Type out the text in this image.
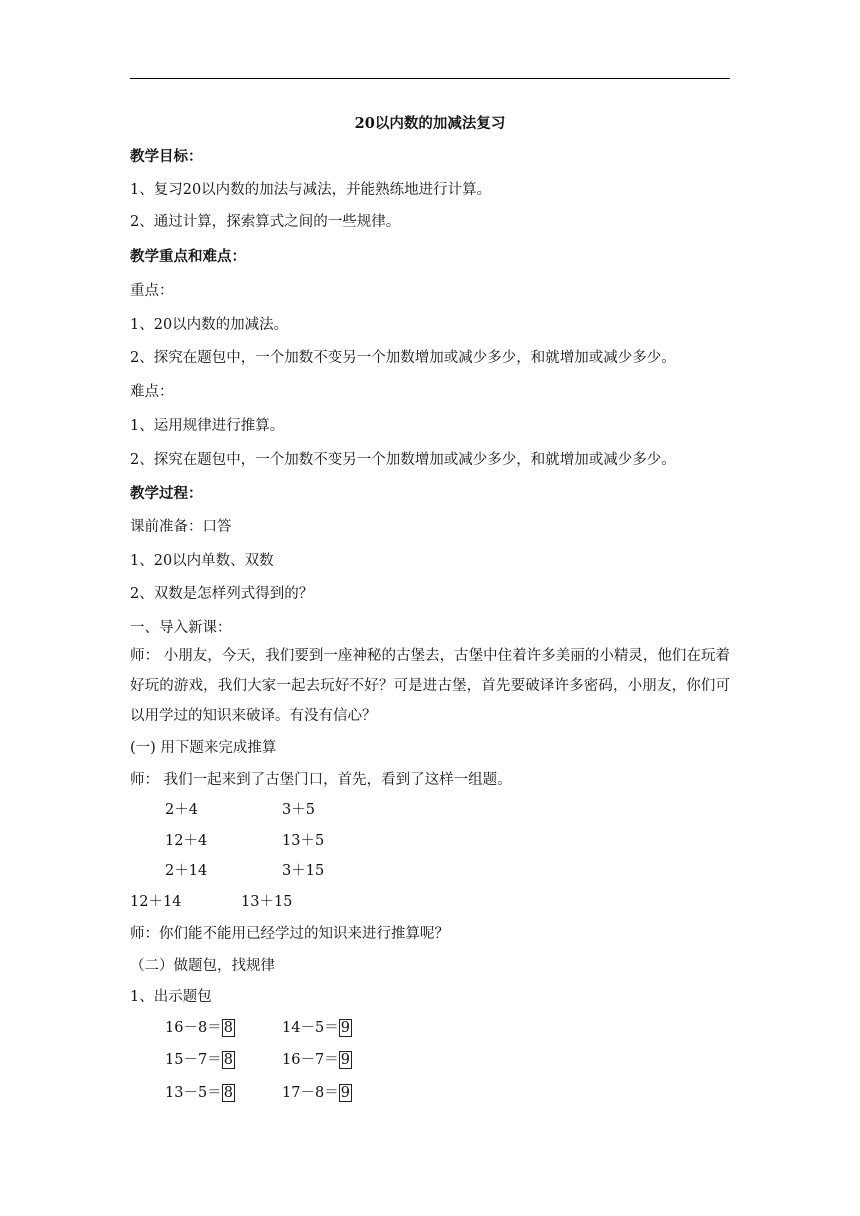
20以内数的加减法复习
教学目标：
1、复习20以内数的加法与减法，并能熟练地进行计算。
2、通过计算，探索算式之间的一些规律。
教学重点和难点：
重点：
1、20以内数的加减法。
2、探究在题包中，一个加数不变另一个加数增加或减少多少，和就增加或减少多少。
难点：
1、运用规律进行推算。
2、探究在题包中，一个加数不变另一个加数增加或减少多少，和就增加或减少多少。
教学过程：
课前准备：口答
1、20以内单数、双数
2、双数是怎样列式得到的？
一、导入新课：
师： 小朋友，今天，我们要到一座神秘的古堡去，古堡中住着许多美丽的小精灵，他们在玩着好玩的游戏，我们大家一起去玩好不好？可是进古堡，首先要破译许多密码，小朋友，你们可以用学过的知识来破译。有没有信心？
(一) 用下题来完成推算
师： 我们一起来到了古堡门口，首先，看到了这样一组题。
2＋4	3＋5
12＋4	13＋5
2＋14	3＋15
12＋14	13＋15
师：你们能不能用已经学过的知识来进行推算呢？
（二）做题包，找规律
1、出示题包
16－8＝ 8	14－5＝ 9
15－7＝ 8	16－7＝ 9
13－5＝ 8	17－8＝ 9
